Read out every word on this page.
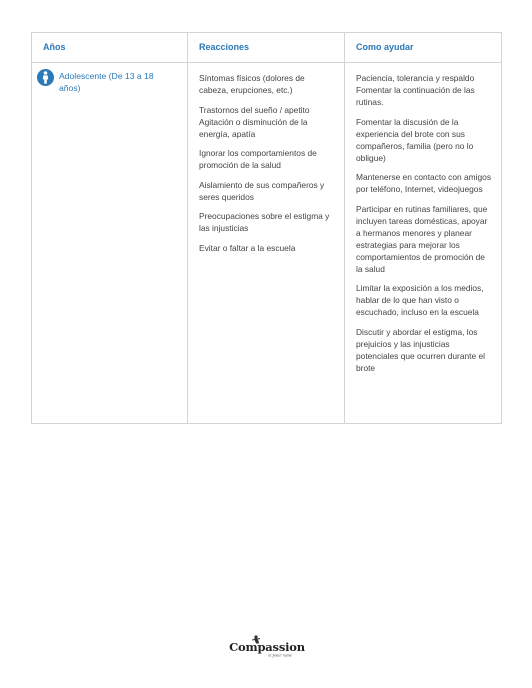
Años	Reacciones	Como ayudar
Adolescente (De 13 a 18 años)

Síntomas físicos (dolores de cabeza, erupciones, etc.)

Trastornos del sueño / apetito Agitación o disminución de la energía, apatía

Ignorar los comportamientos de promoción de la salud

Aislamiento de sus compañeros y seres queridos

Preocupaciones sobre el estigma y las injusticias

Evitar o faltar a la escuela

Paciencia, tolerancia y respaldo Fomentar la continuación de las rutinas.

Fomentar la discusión de la experiencia del brote con sus compañeros, familia (pero no lo obligue)

Mantenerse en contacto con amigos por teléfono, Internet, videojuegos

Participar en rutinas familiares, que incluyen tareas domésticas, apoyar a hermanos menores y planear estrategias para mejorar los comportamientos de promoción de la salud

Limitar la exposición a los medios, hablar de lo que han visto o escuchado, incluso en la escuela

Discutir y abordar el estigma, los prejuicios y las injusticias potenciales que ocurren durante el brote

Compassion
in Jesus' name
